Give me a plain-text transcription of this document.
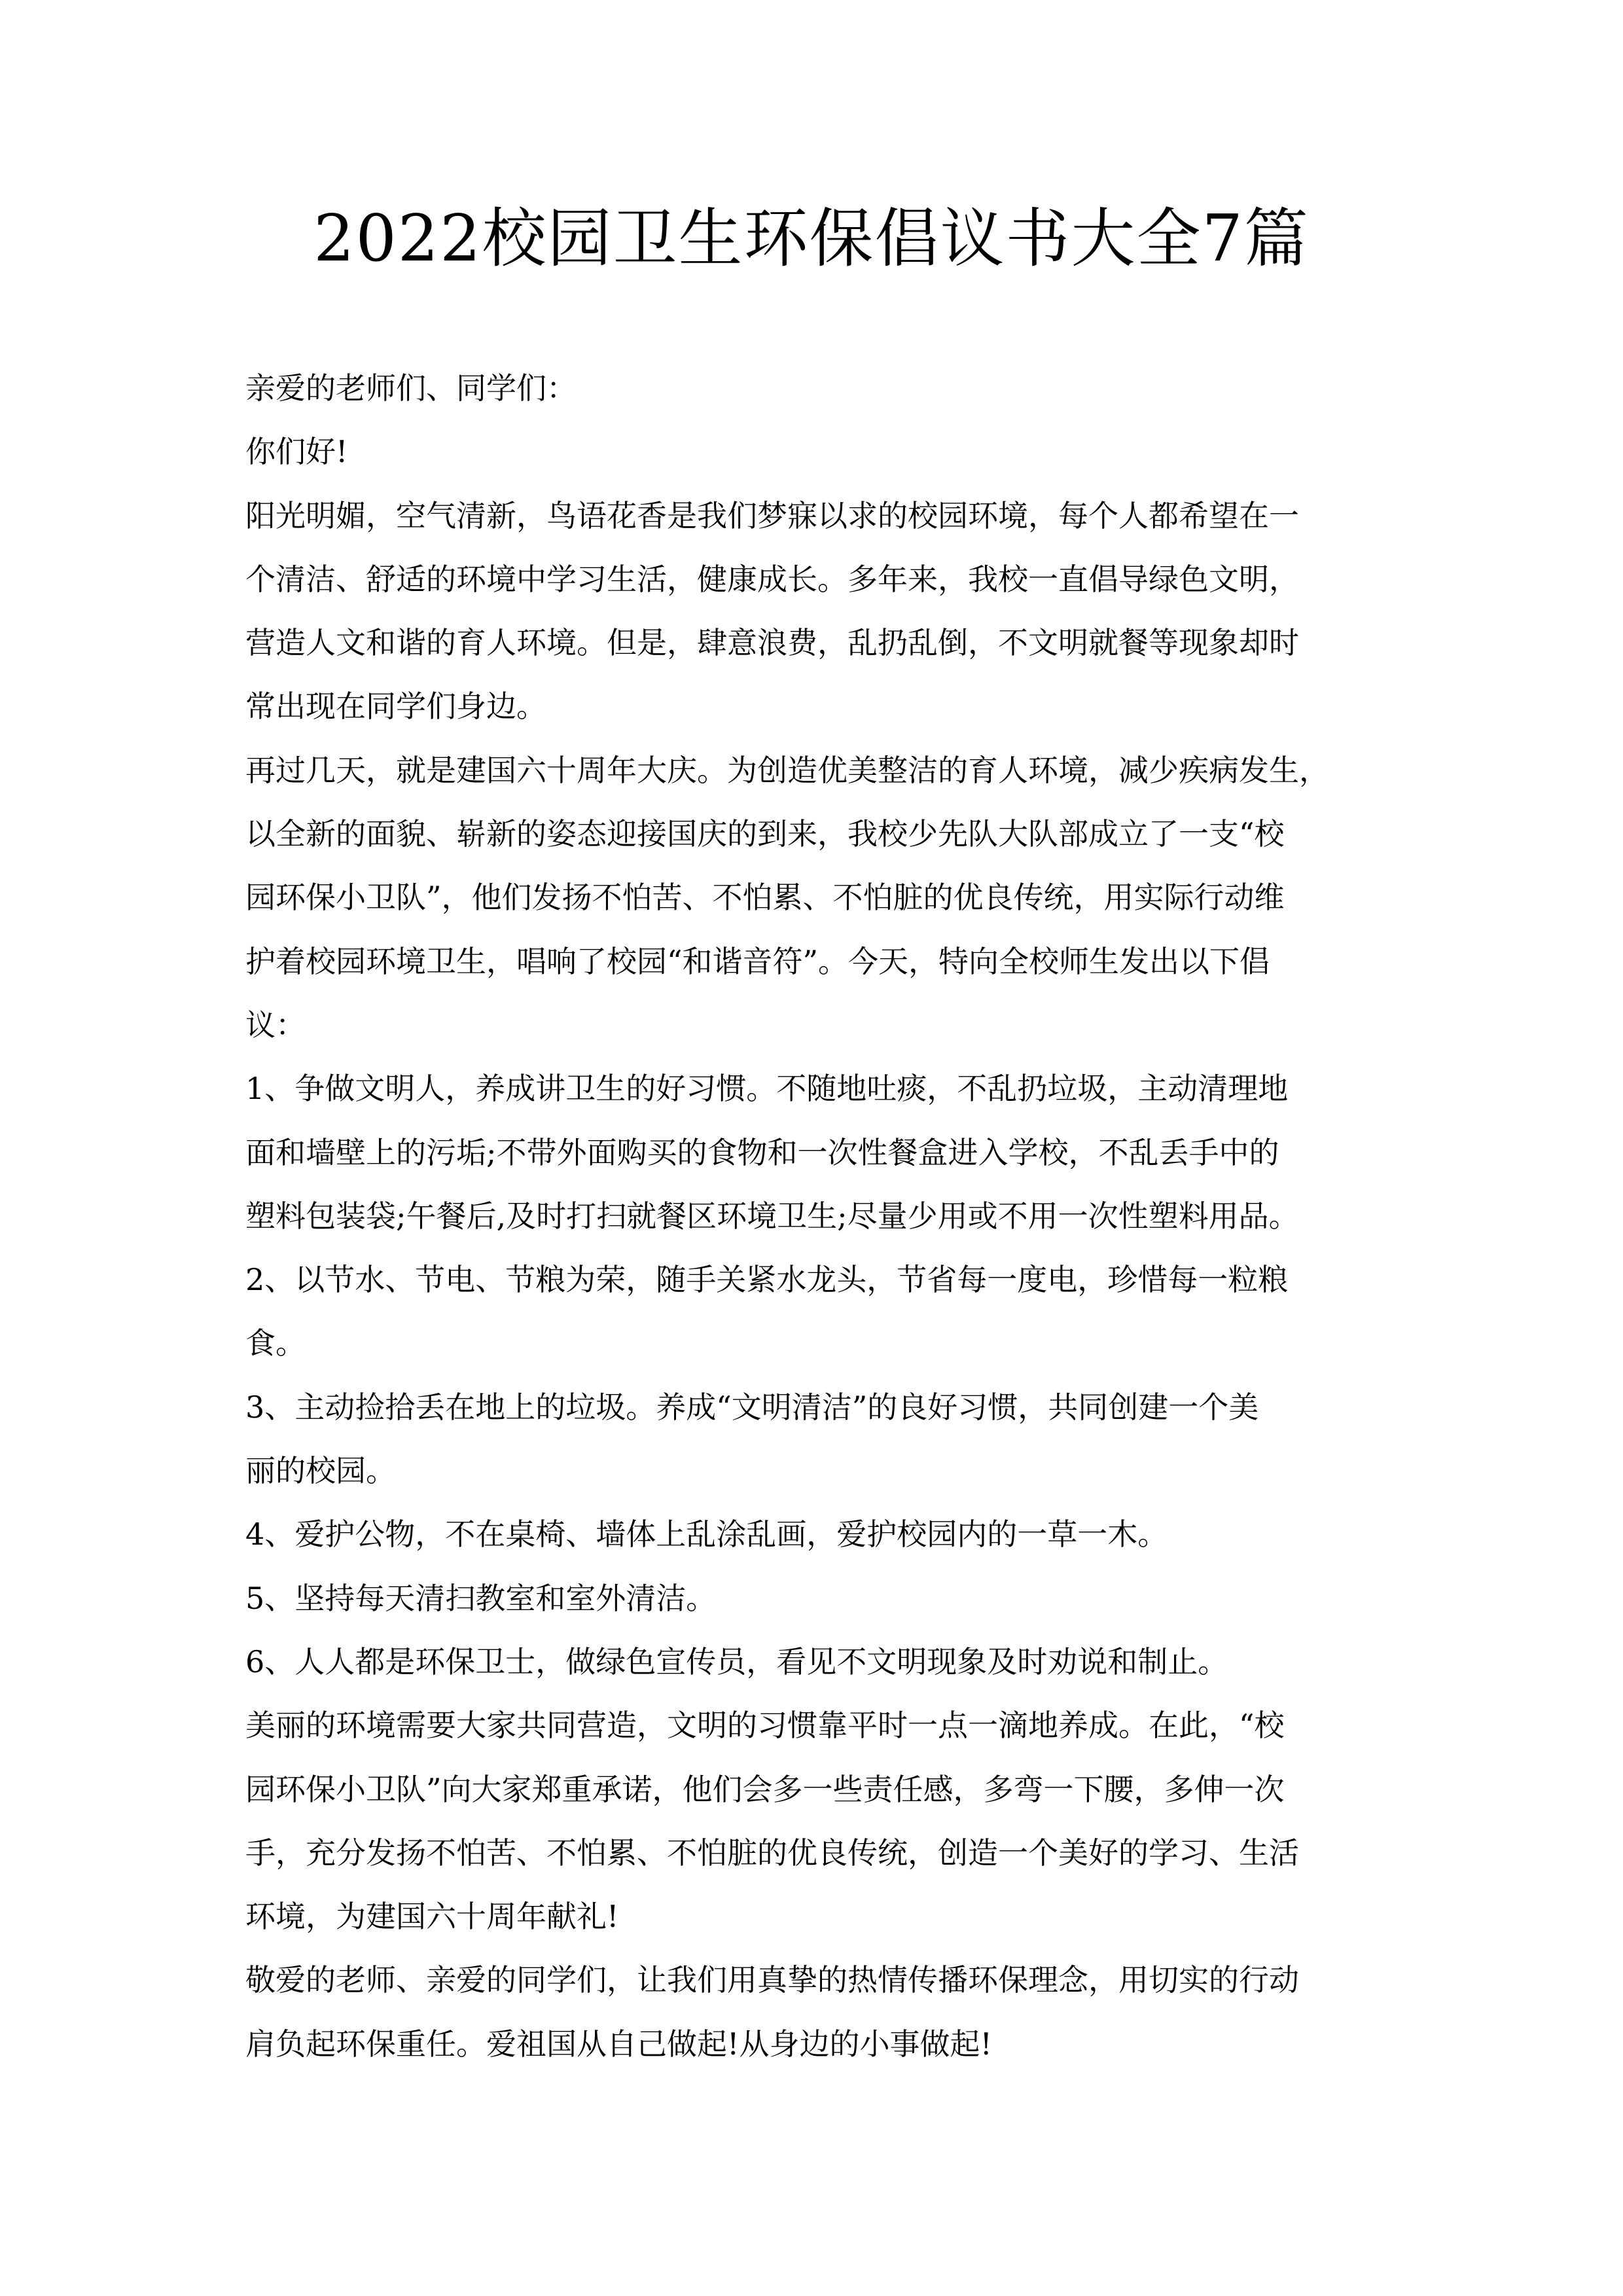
2022校园卫生环保倡议书大全7篇

亲爱的老师们、同学们：

你们好!

阳光明媚，空气清新，鸟语花香是我们梦寐以求的校园环境，每个人都希望在一

个清洁、舒适的环境中学习生活，健康成长。多年来，我校一直倡导绿色文明，

营造人文和谐的育人环境。但是，肆意浪费，乱扔乱倒，不文明就餐等现象却时

常出现在同学们身边。

再过几天，就是建国六十周年大庆。为创造优美整洁的育人环境，减少疾病发生，

以全新的面貌、崭新的姿态迎接国庆的到来，我校少先队大队部成立了一支“校

园环保小卫队”，他们发扬不怕苦、不怕累、不怕脏的优良传统，用实际行动维

护着校园环境卫生，唱响了校园“和谐音符”。今天，特向全校师生发出以下倡

议：

1、争做文明人，养成讲卫生的好习惯。不随地吐痰，不乱扔垃圾，主动清理地

面和墙壁上的污垢;不带外面购买的食物和一次性餐盒进入学校，不乱丢手中的

塑料包装袋;午餐后,及时打扫就餐区环境卫生;尽量少用或不用一次性塑料用品。

2、以节水、节电、节粮为荣，随手关紧水龙头，节省每一度电，珍惜每一粒粮

食。

3、主动捡拾丢在地上的垃圾。养成“文明清洁”的良好习惯，共同创建一个美

丽的校园。

4、爱护公物，不在桌椅、墙体上乱涂乱画，爱护校园内的一草一木。

5、坚持每天清扫教室和室外清洁。

6、人人都是环保卫士，做绿色宣传员，看见不文明现象及时劝说和制止。

美丽的环境需要大家共同营造，文明的习惯靠平时一点一滴地养成。在此，“校

园环保小卫队”向大家郑重承诺，他们会多一些责任感，多弯一下腰，多伸一次

手，充分发扬不怕苦、不怕累、不怕脏的优良传统，创造一个美好的学习、生活

环境，为建国六十周年献礼!

敬爱的老师、亲爱的同学们，让我们用真挚的热情传播环保理念，用切实的行动

肩负起环保重任。爱祖国从自己做起!从身边的小事做起!
